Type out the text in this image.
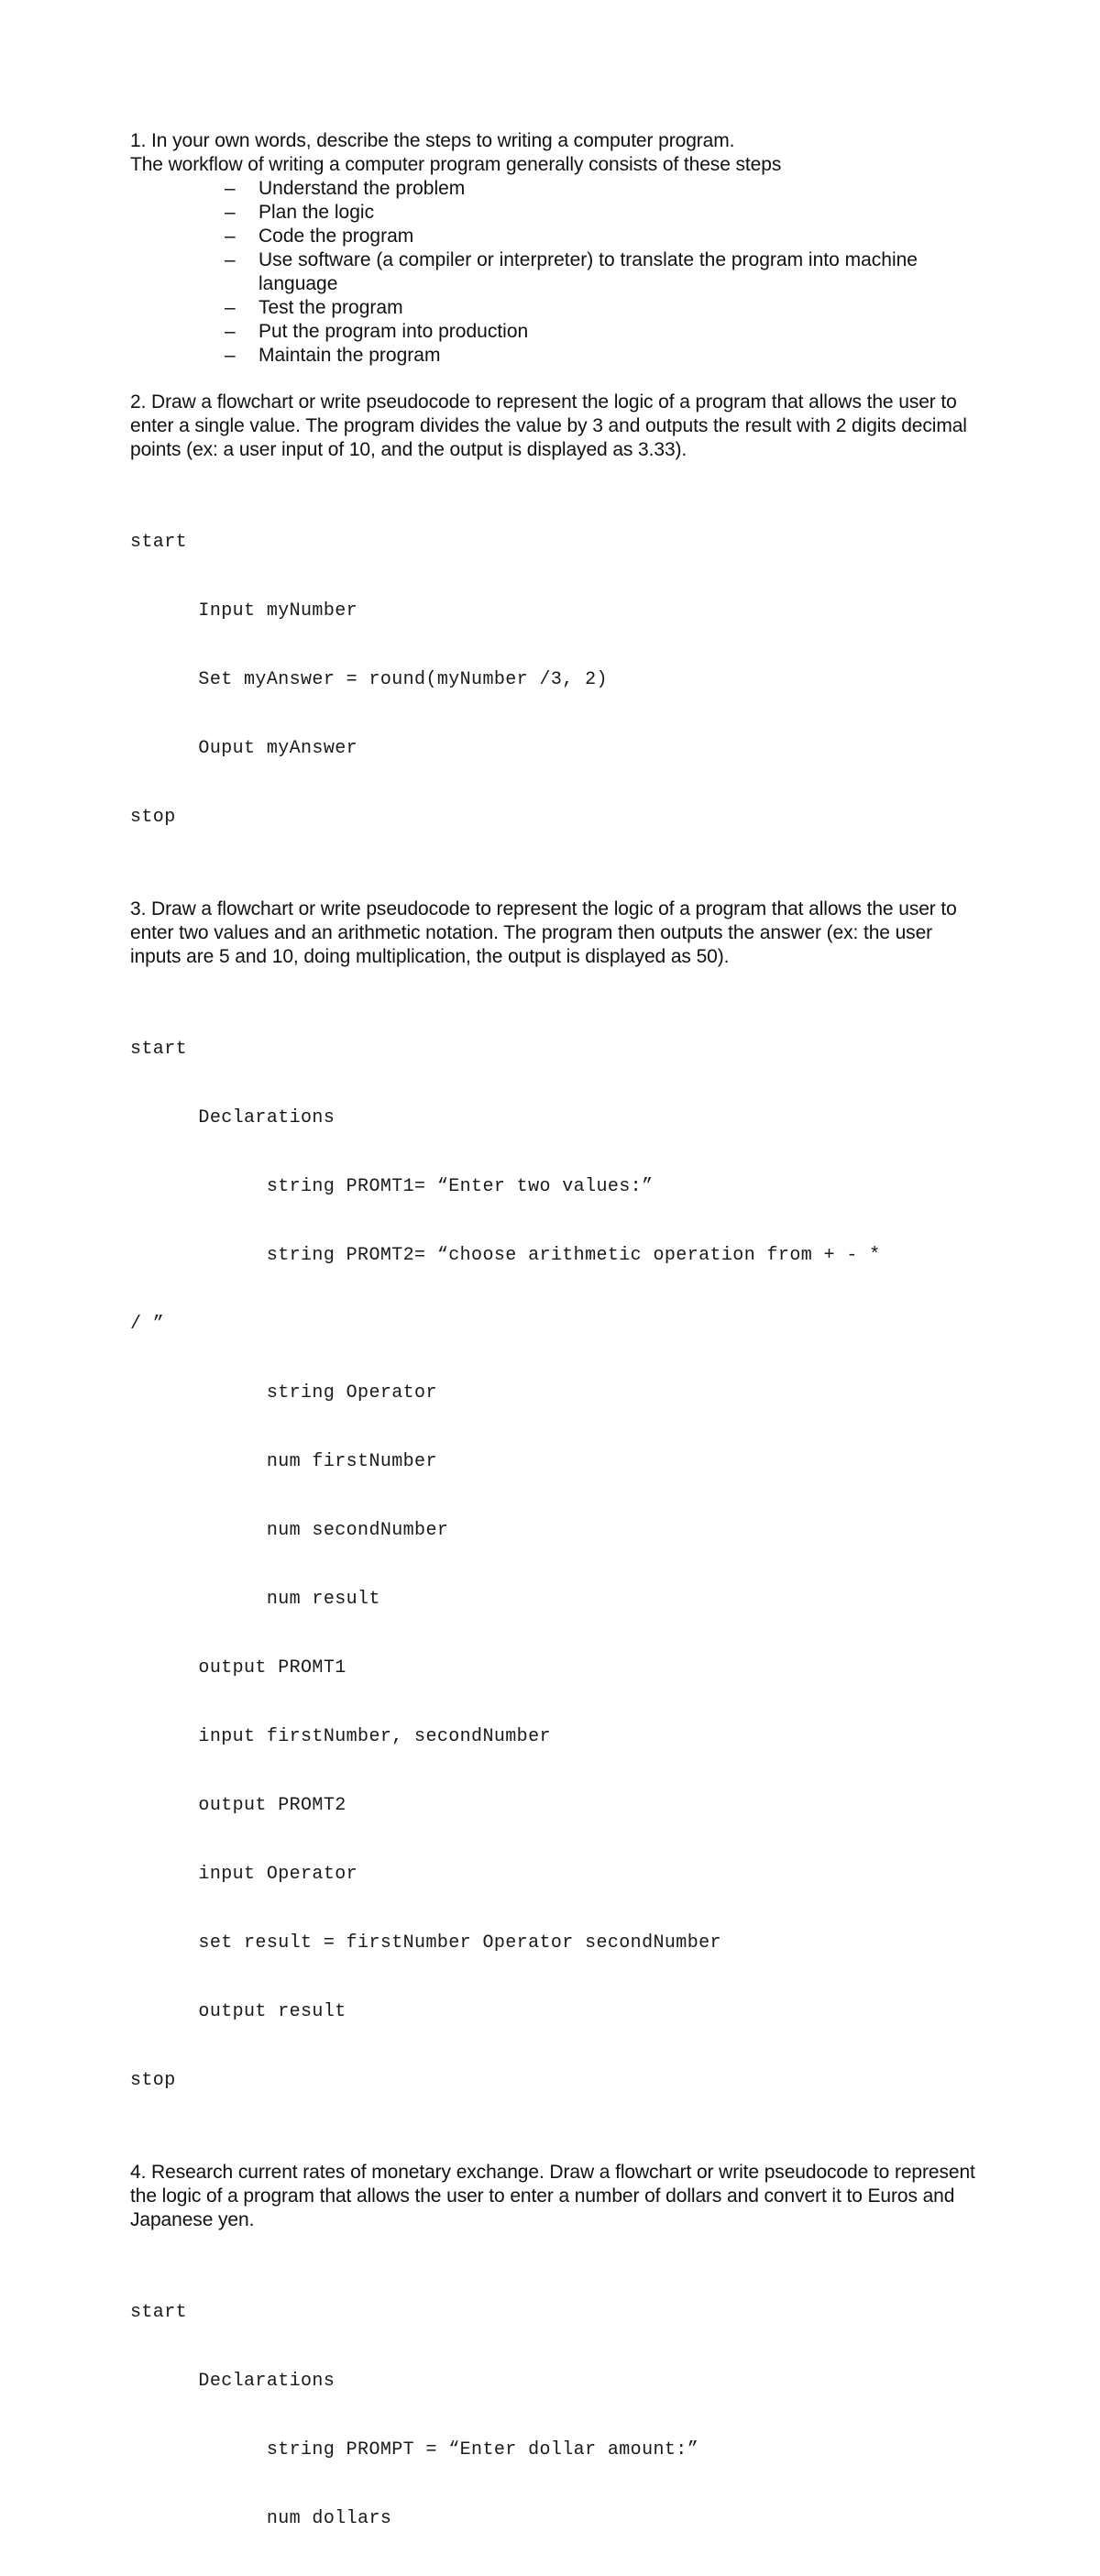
1. In your own words, describe the steps to writing a computer program.

The workflow of writing a computer program generally consists of these steps

– Understand the problem
– Plan the logic
– Code the program
– Use software (a compiler or interpreter) to translate the program into machine language
– Test the program
– Put the program into production
– Maintain the program

2. Draw a flowchart or write pseudocode to represent the logic of a program that allows the user to enter a single value. The program divides the value by 3 and outputs the result with 2 digits decimal points (ex: a user input of 10, and the output is displayed as 3.33).

start

Input myNumber

Set myAnswer = round(myNumber /3, 2)

Ouput myAnswer

stop

3. Draw a flowchart or write pseudocode to represent the logic of a program that allows the user to enter two values and an arithmetic notation. The program then outputs the answer (ex: the user inputs are 5 and 10, doing multiplication, the output is displayed as 50).

start

Declarations

string PROMT1= “Enter two values:”

string PROMT2= “choose arithmetic operation from + - *

/ ”

string Operator

num firstNumber

num secondNumber

num result

output PROMT1

input firstNumber, secondNumber

output PROMT2

input Operator

set result = firstNumber Operator secondNumber

output result

stop

4. Research current rates of monetary exchange. Draw a flowchart or write pseudocode to represent the logic of a program that allows the user to enter a number of dollars and convert it to Euros and Japanese yen.

start

Declarations

string PROMPT = “Enter dollar amount:”

num dollars
